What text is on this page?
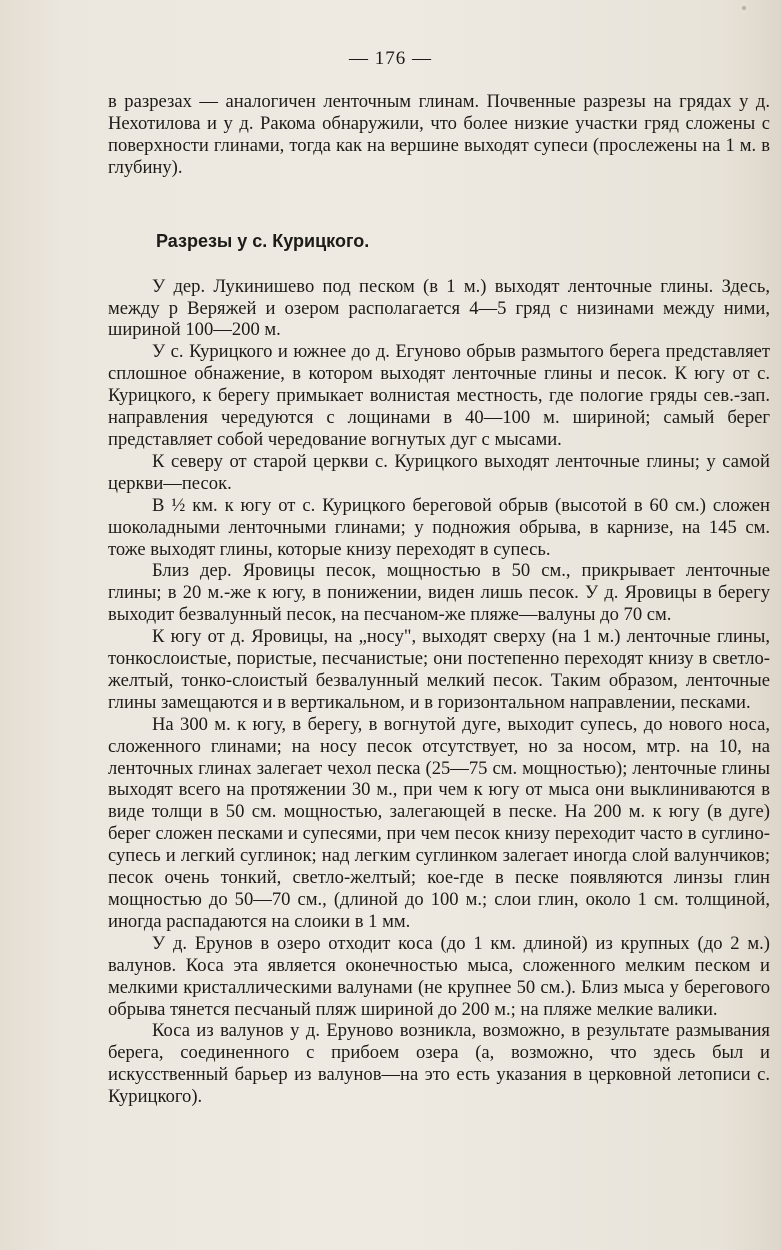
— 176 —

в разрезах — аналогичен ленточным глинам. Почвенные разрезы на грядах у д. Нехотилова и у д. Ракома обнаружили, что более низкие участки гряд сложены с поверхности глинами, тогда как на вершине выходят супеси (прослежены на 1 м. в глубину).

Разрезы у с. Курицкого.

У дер. Лукинишево под песком (в 1 м.) выходят ленточные глины. Здесь, между р Веряжей и озером располагается 4—5 гряд с низинами между ними, шириной 100—200 м.

У с. Курицкого и южнее до д. Егуново обрыв размытого берега представляет сплошное обнажение, в котором выходят ленточные глины и песок. К югу от с. Курицкого, к берегу примыкает волнистая местность, где пологие гряды сев.-зап. направления чередуются с лощинами в 40—100 м. шириной; самый берег представляет собой чередование вогнутых дуг с мысами.

К северу от старой церкви с. Курицкого выходят ленточные глины; у самой церкви—песок.

В ½ км. к югу от с. Курицкого береговой обрыв (высотой в 60 см.) сложен шоколадными ленточными глинами; у подножия обрыва, в карнизе, на 145 см. тоже выходят глины, которые книзу переходят в супесь.

Близ дер. Яровицы песок, мощностью в 50 см., прикрывает ленточные глины; в 20 м.-же к югу, в понижении, виден лишь песок. У д. Яровицы в берегу выходит безвалунный песок, на песчаном-же пляже—валуны до 70 см.

К югу от д. Яровицы, на „носу", выходят сверху (на 1 м.) ленточные глины, тонкослоистые, пористые, песчанистые; они постепенно переходят книзу в светло-желтый, тонко-слоистый безвалунный мелкий песок. Таким образом, ленточные глины замещаются и в вертикальном, и в горизонтальном направлении, песками.

На 300 м. к югу, в берегу, в вогнутой дуге, выходит супесь, до нового носа, сложенного глинами; на носу песок отсутствует, но за носом, мтр. на 10, на ленточных глинах залегает чехол песка (25—75 см. мощностью); ленточные глины выходят всего на протяжении 30 м., при чем к югу от мыса они выклиниваются в виде толщи в 50 см. мощностью, залегающей в песке. На 200 м. к югу (в дуге) берег сложен песками и супесями, при чем песок книзу переходит часто в суглино-супесь и легкий суглинок; над легким суглинком залегает иногда слой валунчиков; песок очень тонкий, светло-желтый; кое-где в песке появляются линзы глин мощностью до 50—70 см., (длиной до 100 м.; слои глин, около 1 см. толщиной, иногда распадаются на слоики в 1 мм.

У д. Ерунов в озеро отходит коса (до 1 км. длиной) из крупных (до 2 м.) валунов. Коса эта является оконечностью мыса, сложенного мелким песком и мелкими кристаллическими валунами (не крупнее 50 см.). Близ мыса у берегового обрыва тянется песчаный пляж шириной до 200 м.; на пляже мелкие валики.

Коса из валунов у д. Еруново возникла, возможно, в результате размывания берега, соединенного с прибоем озера (а, возможно, что здесь был и искусственный барьер из валунов—на это есть указания в церковной летописи с. Курицкого).
